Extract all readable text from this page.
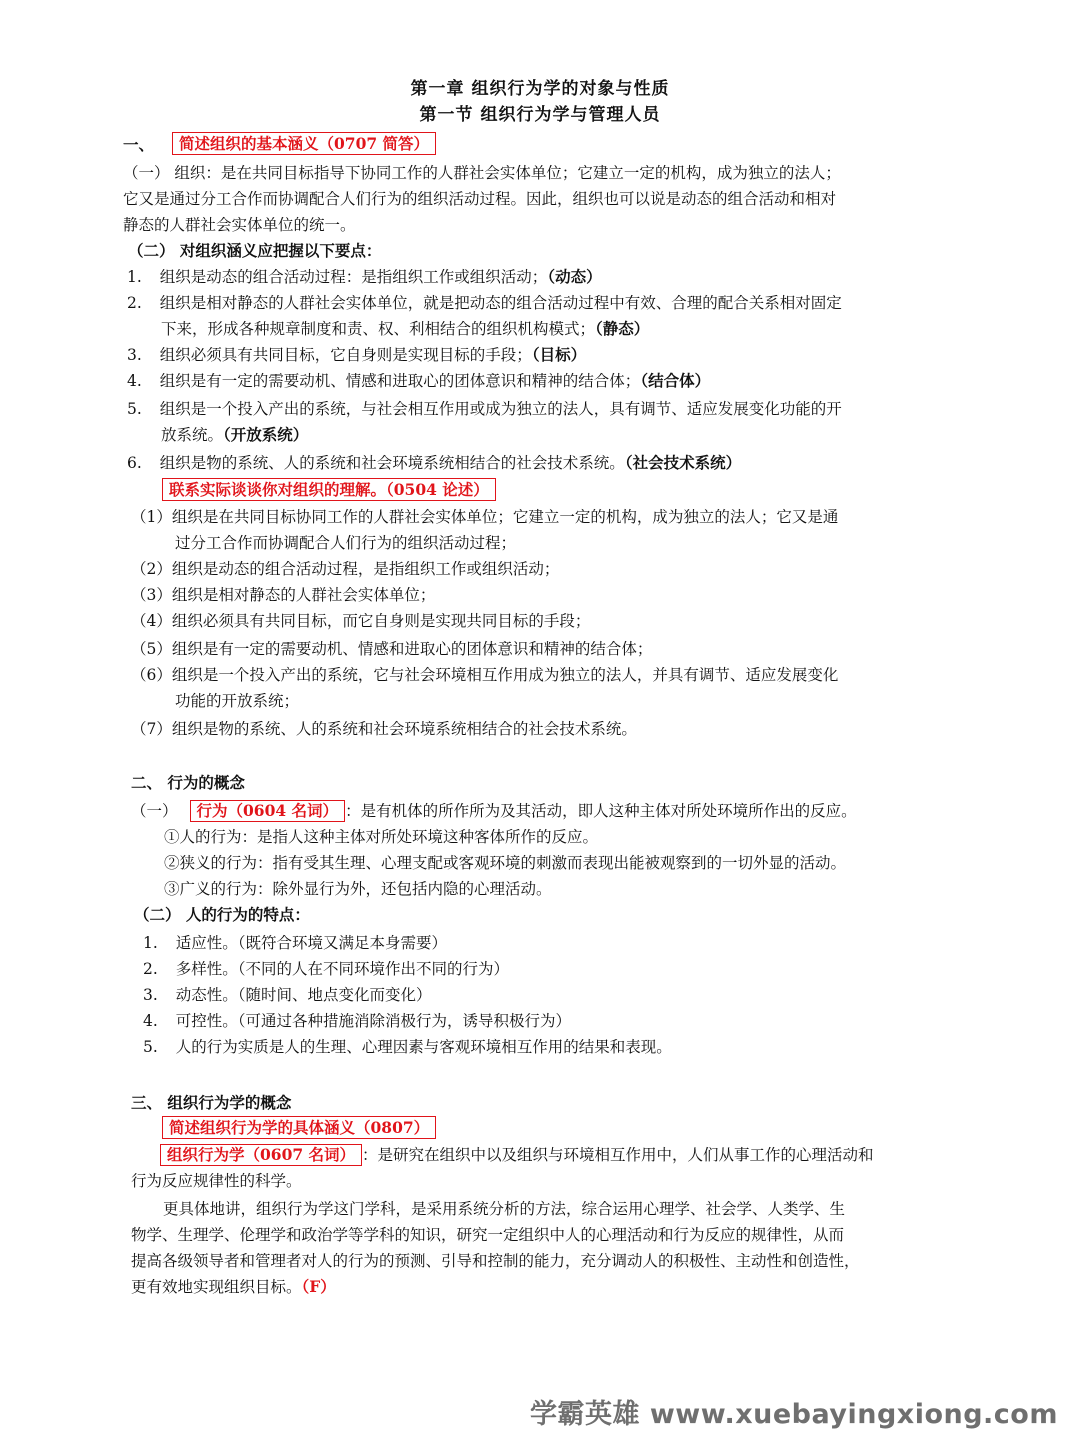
第一章 组织行为学的对象与性质
第一节 组织行为学与管理人员
一、	简述组织的基本涵义（0707 简答）
（一） 组织：是在共同目标指导下协同工作的人群社会实体单位；它建立一定的机构，成为独立的法人；
它又是通过分工合作而协调配合人们行为的组织活动过程。因此，组织也可以说是动态的组合活动和相对
静态的人群社会实体单位的统一。
（二） 对组织涵义应把握以下要点：
1. 组织是动态的组合活动过程：是指组织工作或组织活动；（动态）
2. 组织是相对静态的人群社会实体单位，就是把动态的组合活动过程中有效、合理的配合关系相对固定
下来，形成各种规章制度和责、权、利相结合的组织机构模式；（静态）
3. 组织必须具有共同目标，它自身则是实现目标的手段；（目标）
4. 组织是有一定的需要动机、情感和进取心的团体意识和精神的结合体；（结合体）
5. 组织是一个投入产出的系统，与社会相互作用或成为独立的法人，具有调节、适应发展变化功能的开
放系统。（开放系统）
6. 组织是物的系统、人的系统和社会环境系统相结合的社会技术系统。（社会技术系统）
联系实际谈谈你对组织的理解。（0504 论述）
（1）组织是在共同目标协同工作的人群社会实体单位；它建立一定的机构，成为独立的法人；它又是通
过分工合作而协调配合人们行为的组织活动过程；
（2）组织是动态的组合活动过程，是指组织工作或组织活动；
（3）组织是相对静态的人群社会实体单位；
（4）组织必须具有共同目标，而它自身则是实现共同目标的手段；
（5）组织是有一定的需要动机、情感和进取心的团体意识和精神的结合体；
（6）组织是一个投入产出的系统，它与社会环境相互作用成为独立的法人，并具有调节、适应发展变化
功能的开放系统；
（7）组织是物的系统、人的系统和社会环境系统相结合的社会技术系统。
二、 行为的概念
（一） 行为（0604 名词） ：是有机体的所作所为及其活动，即人这种主体对所处环境所作出的反应。
①人的行为：是指人这种主体对所处环境这种客体所作的反应。
②狭义的行为：指有受其生理、心理支配或客观环境的刺激而表现出能被观察到的一切外显的活动。
③广义的行为：除外显行为外，还包括内隐的心理活动。
（二） 人的行为的特点：
1. 适应性。（既符合环境又满足本身需要）
2. 多样性。（不同的人在不同环境作出不同的行为）
3. 动态性。（随时间、地点变化而变化）
4. 可控性。（可通过各种措施消除消极行为，诱导积极行为）
5. 人的行为实质是人的生理、心理因素与客观环境相互作用的结果和表现。
三、 组织行为学的概念
简述组织行为学的具体涵义（0807）
组织行为学（0607 名词） ：是研究在组织中以及组织与环境相互作用中，人们从事工作的心理活动和
行为反应规律性的科学。
更具体地讲，组织行为学这门学科，是采用系统分析的方法，综合运用心理学、社会学、人类学、生
物学、生理学、伦理学和政治学等学科的知识，研究一定组织中人的心理活动和行为反应的规律性，从而
提高各级领导者和管理者对人的行为的预测、引导和控制的能力，充分调动人的积极性、主动性和创造性，
更有效地实现组织目标。（F）
学霸英雄 www.xuebayingxiong.com
